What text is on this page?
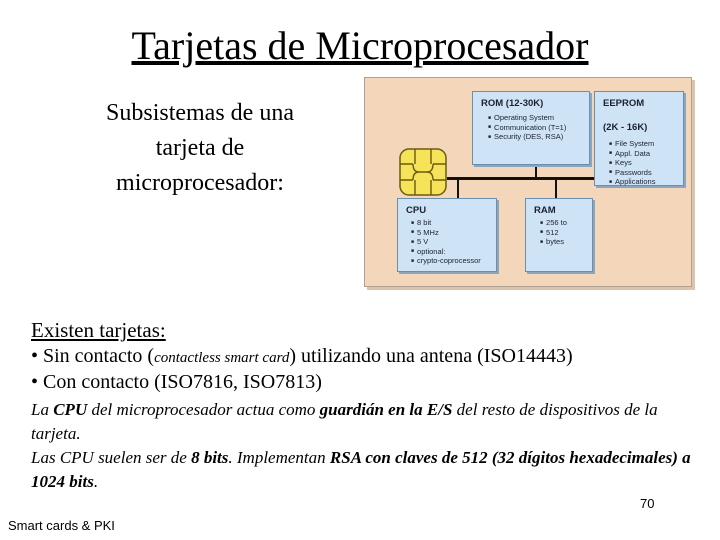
Tarjetas de Microprocesador
Subsistemas de una tarjeta de microprocesador:
ROM (12-30K)
■ Operating System
■ Communication (T=1)
■ Security (DES, RSA)
EEPROM
(2K - 16K)
■ File System
■ Appl. Data
■ Keys
■ Passwords
■ Applications
CPU
■ 8 bit
■ 5 MHz
■ 5 V
■ optional:
■ crypto-coprocessor
RAM
■ 256 to
■ 512
■ bytes
Existen tarjetas:
• Sin contacto (contactless smart card) utilizando una antena (ISO14443)
• Con contacto (ISO7816, ISO7813)
La CPU del microprocesador actua como guardián en la E/S del resto de dispositivos de la tarjeta.
Las CPU suelen ser de 8 bits. Implementan RSA con claves de 512 (32 dígitos hexadecimales) a 1024 bits.
70
Smart cards & PKI
